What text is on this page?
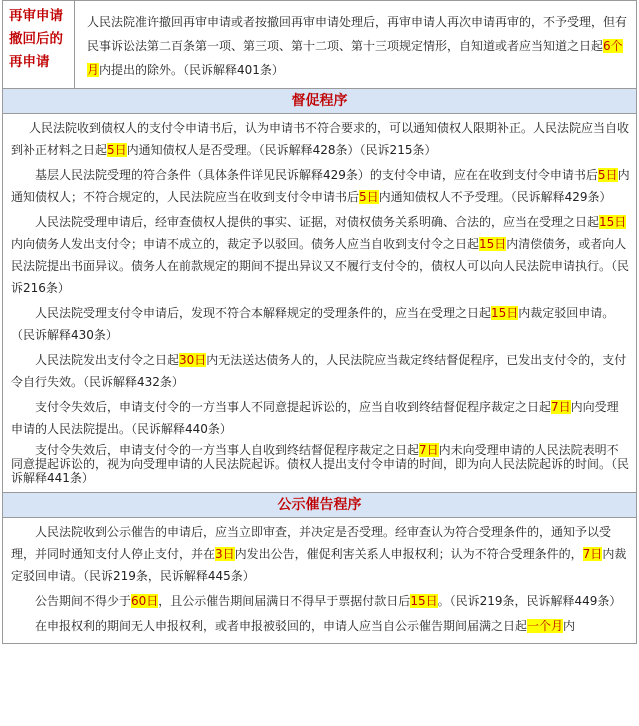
再审申请撤回后的再申请	人民法院准许撤回再审申请或者按撤回再审申请处理后，再审申请人再次申请再审的，不予受理，但有民事诉讼法第二百条第一项、第三项、第十二项、第十三项规定情形，自知道或者应当知道之日起6个月内提出的除外。（民诉解释401条）
督促程序

人民法院收到债权人的支付令申请书后，认为申请书不符合要求的，可以通知债权人限期补正。人民法院应当自收到补正材料之日起5日内通知债权人是否受理。（民诉解释428条）（民诉215条）

基层人民法院受理的符合条件（具体条件详见民诉解释429条）的支付令申请，应在在收到支付令申请书后5日内通知债权人；不符合规定的，人民法院应当在收到支付令申请书后5日内通知债权人不予受理。（民诉解释429条）

人民法院受理申请后，经审查债权人提供的事实、证据，对债权债务关系明确、合法的，应当在受理之日起15日内向债务人发出支付令；申请不成立的，裁定予以驳回。债务人应当自收到支付令之日起15日内清偿债务，或者向人民法院提出书面异议。债务人在前款规定的期间不提出异议又不履行支付令的，债权人可以向人民法院申请执行。（民诉216条）

人民法院受理支付令申请后，发现不符合本解释规定的受理条件的，应当在受理之日起15日内裁定驳回申请。（民诉解释430条）

人民法院发出支付令之日起30日内无法送达债务人的，人民法院应当裁定终结督促程序，已发出支付令的，支付令自行失效。（民诉解释432条）

支付令失效后，申请支付令的一方当事人不同意提起诉讼的，应当自收到终结督促程序裁定之日起7日内向受理申请的人民法院提出。（民诉解释440条）

支付令失效后，申请支付令的一方当事人自收到终结督促程序裁定之日起7日内未向受理申请的人民法院表明不同意提起诉讼的，视为向受理申请的人民法院起诉。债权人提出支付令申请的时间，即为向人民法院起诉的时间。（民诉解释441条）

公示催告程序

人民法院收到公示催告的申请后，应当立即审查，并决定是否受理。经审查认为符合受理条件的，通知予以受理，并同时通知支付人停止支付，并在3日内发出公告，催促利害关系人申报权利；认为不符合受理条件的，7日内裁定驳回申请。（民诉219条，民诉解释445条）

公告期间不得少于60日，且公示催告期间届满日不得早于票据付款日后15日。（民诉219条，民诉解释449条）

在申报权利的期间无人申报权利，或者申报被驳回的，申请人应当自公示催告期间届满之日起一个月内
